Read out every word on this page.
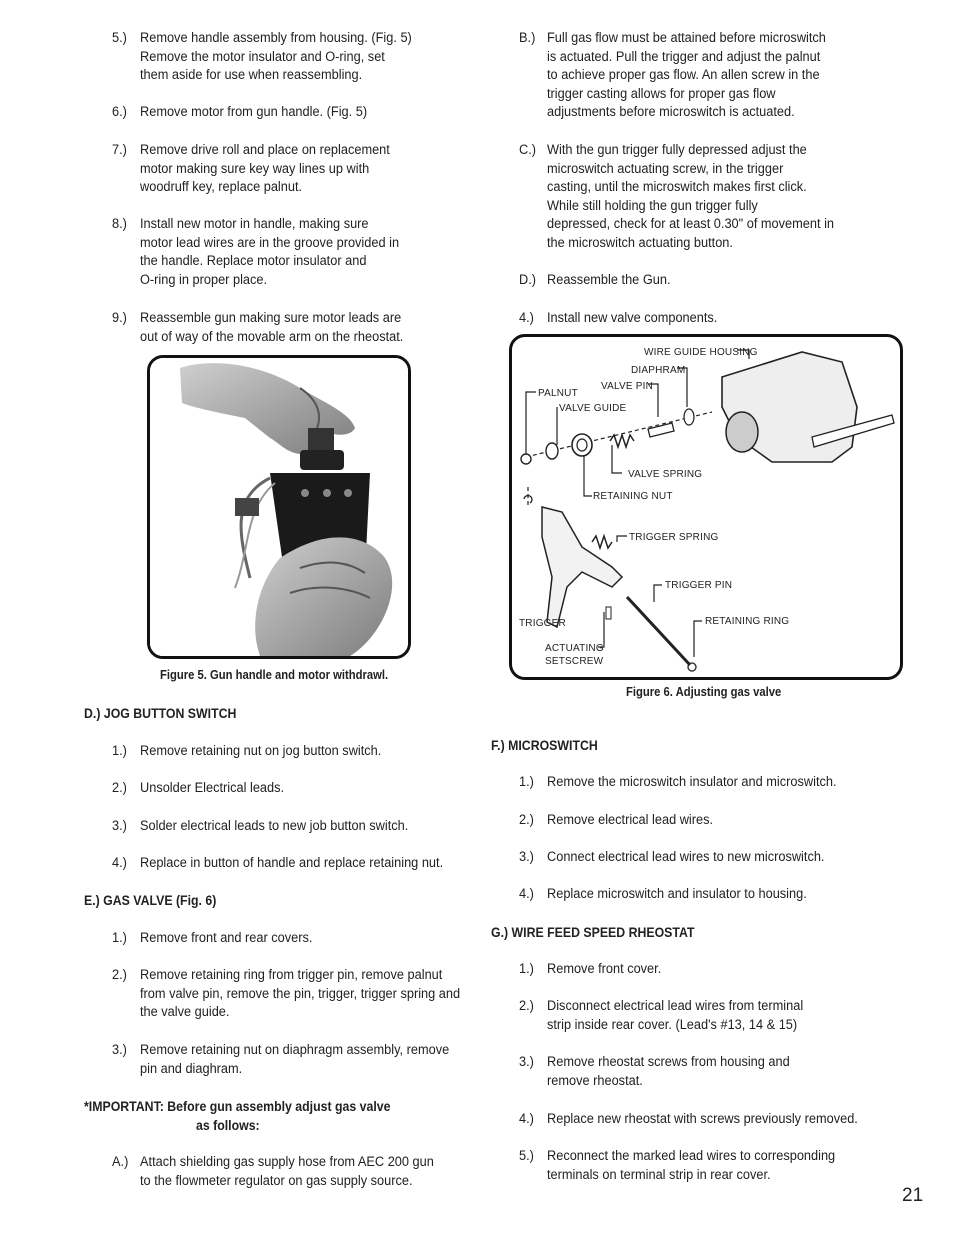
5.) Remove handle assembly from housing. (Fig. 5)
Remove the motor insulator and O-ring, set
them aside for use when reassembling.
6.) Remove motor from gun handle. (Fig. 5)
7.) Remove drive roll and place on replacement
motor making sure key way lines up with
woodruff key, replace palnut.
8.) Install new motor in handle, making sure
motor lead wires are in the groove provided in
the handle. Replace motor insulator and
O-ring in proper place.
9.) Reassemble gun making sure motor leads are
out of way of the movable arm on the rheostat.
Figure 5. Gun handle and motor withdrawl.
D.) JOG BUTTON SWITCH
1.) Remove retaining nut on jog button switch.
2.) Unsolder Electrical leads.
3.) Solder electrical leads to new job button switch.
4.) Replace in button of handle and replace retaining nut.
E.) GAS VALVE (Fig. 6)
1.) Remove front and rear covers.
2.) Remove retaining ring from trigger pin, remove palnut
from valve pin, remove the pin, trigger, trigger spring and
the valve guide.
3.) Remove retaining nut on diaphragm assembly, remove
pin and diaghram.
*IMPORTANT: Before gun assembly adjust gas valve
as follows:
A.) Attach shielding gas supply hose from AEC 200 gun
to the flowmeter regulator on gas supply source.
B.) Full gas flow must be attained before microswitch
is actuated. Pull the trigger and adjust the palnut
to achieve proper gas flow. An allen screw in the
trigger casting allows for proper gas flow
adjustments before microswitch is actuated.
C.) With the gun trigger fully depressed adjust the
microswitch actuating screw, in the trigger
casting, until the microswitch makes first click.
While still holding the gun trigger fully
depressed, check for at least 0.30" of movement in
the microswitch actuating button.
D.) Reassemble the Gun.
4.) Install new valve components.
WIRE GUIDE HOUSING
DIAPHRAM
VALVE PIN
PALNUT
VALVE GUIDE
VALVE SPRING
RETAINING NUT
TRIGGER SPRING
TRIGGER PIN
RETAINING RING
TRIGGER
ACTUATING
SETSCREW
Figure 6. Adjusting gas valve
F.) MICROSWITCH
1.) Remove the microswitch insulator and microswitch.
2.) Remove electrical lead wires.
3.) Connect electrical lead wires to new microswitch.
4.) Replace microswitch and insulator to housing.
G.) WIRE FEED SPEED RHEOSTAT
1.) Remove front cover.
2.) Disconnect electrical lead wires from terminal
strip inside rear cover. (Lead's #13, 14 & 15)
3.) Remove rheostat screws from housing and
remove rheostat.
4.) Replace new rheostat with screws previously removed.
5.) Reconnect the marked lead wires to corresponding
terminals on terminal strip in rear cover.
21
